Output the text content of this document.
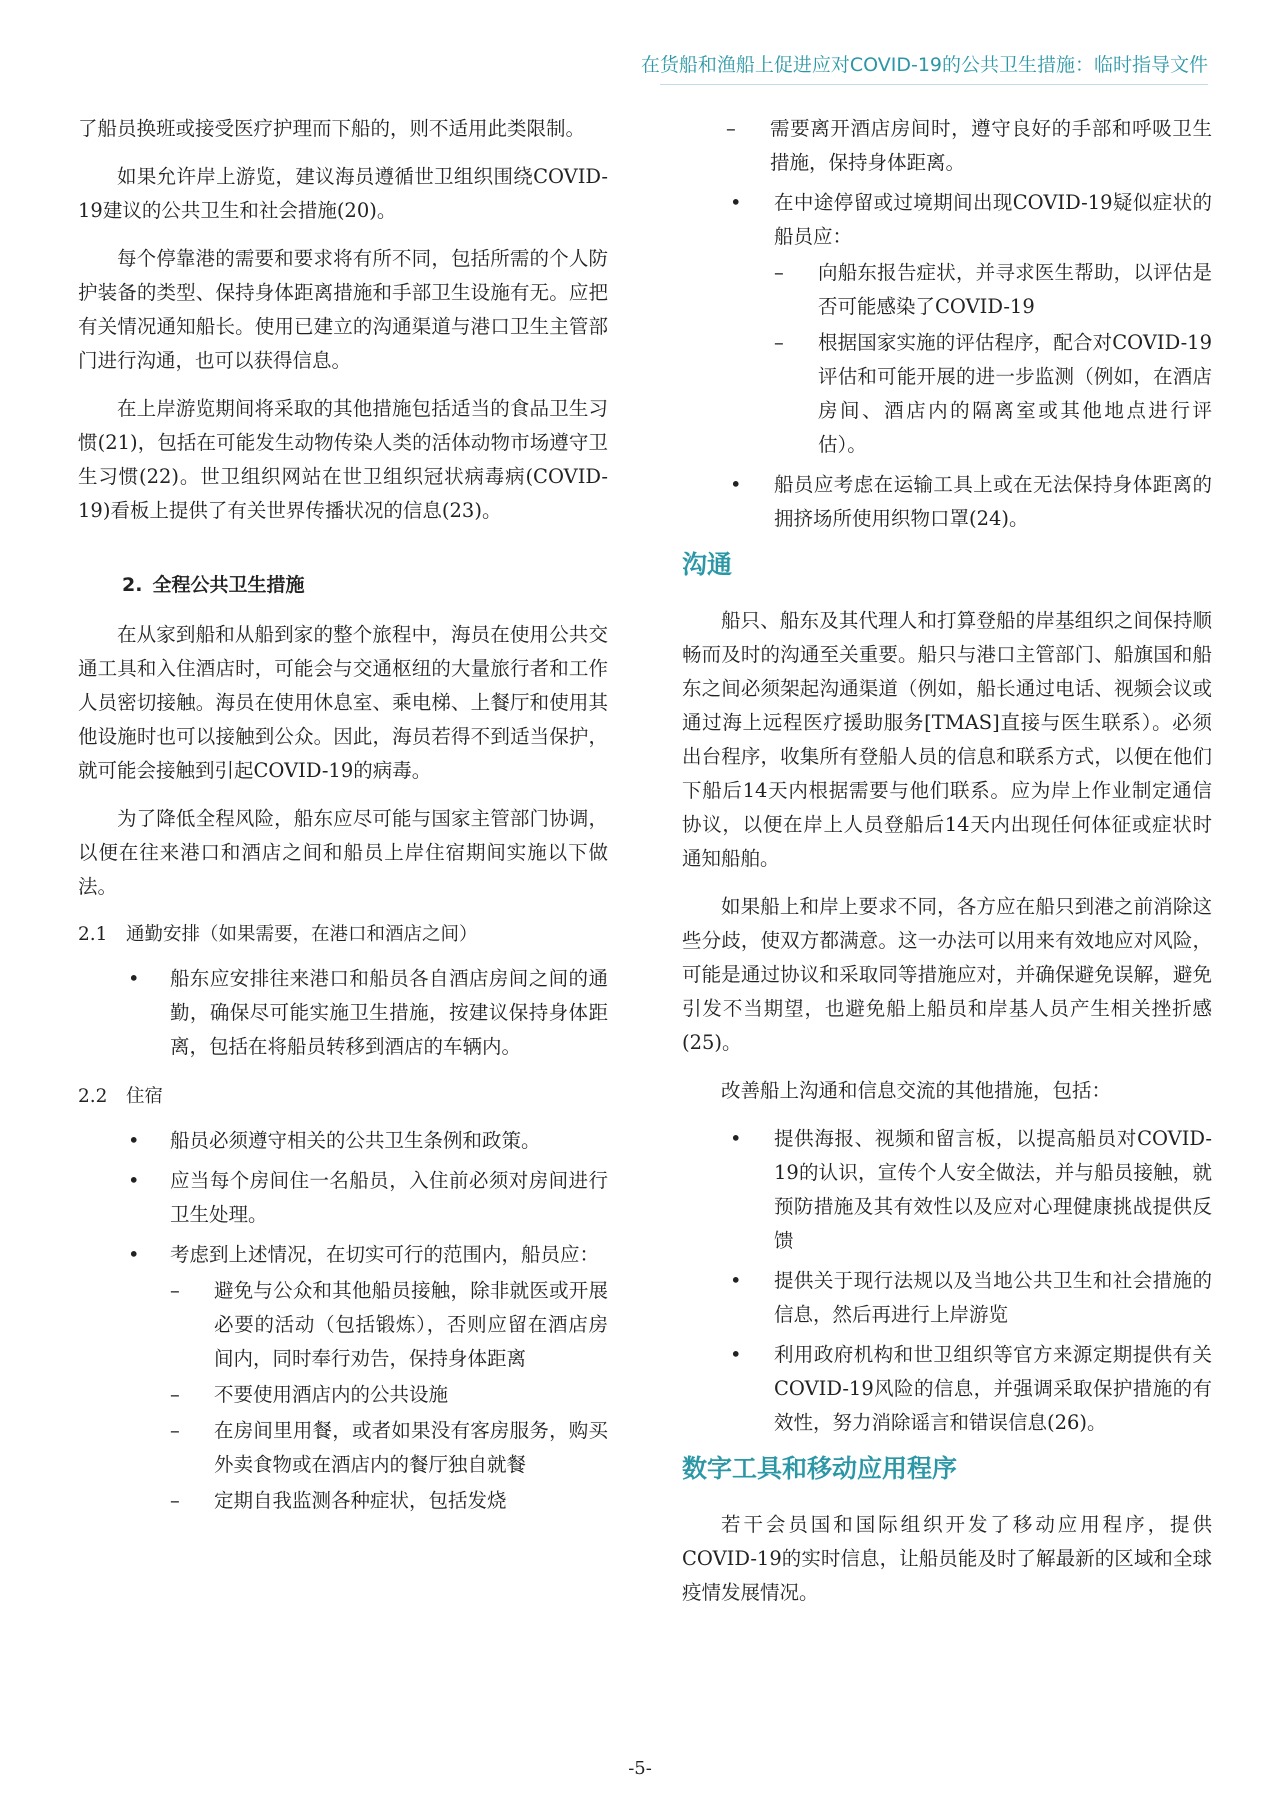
在货船和渔船上促进应对COVID-19的公共卫生措施：临时指导文件

了船员换班或接受医疗护理而下船的，则不适用此类限制。

如果允许岸上游览，建议海员遵循世卫组织围绕COVID-19建议的公共卫生和社会措施(20)。

每个停靠港的需要和要求将有所不同，包括所需的个人防护装备的类型、保持身体距离措施和手部卫生设施有无。应把有关情况通知船长。使用已建立的沟通渠道与港口卫生主管部门进行沟通，也可以获得信息。

在上岸游览期间将采取的其他措施包括适当的食品卫生习惯(21)，包括在可能发生动物传染人类的活体动物市场遵守卫生习惯(22)。世卫组织网站在世卫组织冠状病毒病(COVID-19)看板上提供了有关世界传播状况的信息(23)。

2. 全程公共卫生措施

在从家到船和从船到家的整个旅程中，海员在使用公共交通工具和入住酒店时，可能会与交通枢纽的大量旅行者和工作人员密切接触。海员在使用休息室、乘电梯、上餐厅和使用其他设施时也可以接触到公众。因此，海员若得不到适当保护，就可能会接触到引起COVID-19的病毒。

为了降低全程风险，船东应尽可能与国家主管部门协调，以便在往来港口和酒店之间和船员上岸住宿期间实施以下做法。

2.1 通勤安排（如果需要，在港口和酒店之间）
• 船东应安排往来港口和船员各自酒店房间之间的通勤，确保尽可能实施卫生措施，按建议保持身体距离，包括在将船员转移到酒店的车辆内。
2.2 住宿
• 船员必须遵守相关的公共卫生条例和政策。
• 应当每个房间住一名船员，入住前必须对房间进行卫生处理。
• 考虑到上述情况，在切实可行的范围内，船员应：
– 避免与公众和其他船员接触，除非就医或开展必要的活动（包括锻炼），否则应留在酒店房间内，同时奉行劝告，保持身体距离
– 不要使用酒店内的公共设施
– 在房间里用餐，或者如果没有客房服务，购买外卖食物或在酒店内的餐厅独自就餐
– 定期自我监测各种症状，包括发烧
– 需要离开酒店房间时，遵守良好的手部和呼吸卫生措施，保持身体距离。
• 在中途停留或过境期间出现COVID-19疑似症状的船员应：
– 向船东报告症状，并寻求医生帮助，以评估是否可能感染了COVID-19
– 根据国家实施的评估程序，配合对COVID-19评估和可能开展的进一步监测（例如，在酒店房间、酒店内的隔离室或其他地点进行评估）。
• 船员应考虑在运输工具上或在无法保持身体距离的拥挤场所使用织物口罩(24)。
沟通

船只、船东及其代理人和打算登船的岸基组织之间保持顺畅而及时的沟通至关重要。船只与港口主管部门、船旗国和船东之间必须架起沟通渠道（例如，船长通过电话、视频会议或通过海上远程医疗援助服务[TMAS]直接与医生联系）。必须出台程序，收集所有登船人员的信息和联系方式，以便在他们下船后14天内根据需要与他们联系。应为岸上作业制定通信协议，以便在岸上人员登船后14天内出现任何体征或症状时通知船舶。

如果船上和岸上要求不同，各方应在船只到港之前消除这些分歧，使双方都满意。这一办法可以用来有效地应对风险，可能是通过协议和采取同等措施应对，并确保避免误解，避免引发不当期望，也避免船上船员和岸基人员产生相关挫折感(25)。

改善船上沟通和信息交流的其他措施，包括：

• 提供海报、视频和留言板，以提高船员对COVID-19的认识，宣传个人安全做法，并与船员接触，就预防措施及其有效性以及应对心理健康挑战提供反馈
• 提供关于现行法规以及当地公共卫生和社会措施的信息，然后再进行上岸游览
• 利用政府机构和世卫组织等官方来源定期提供有关COVID-19风险的信息，并强调采取保护措施的有效性，努力消除谣言和错误信息(26)。
数字工具和移动应用程序

若干会员国和国际组织开发了移动应用程序，提供COVID-19的实时信息，让船员能及时了解最新的区域和全球疫情发展情况。

-5-
